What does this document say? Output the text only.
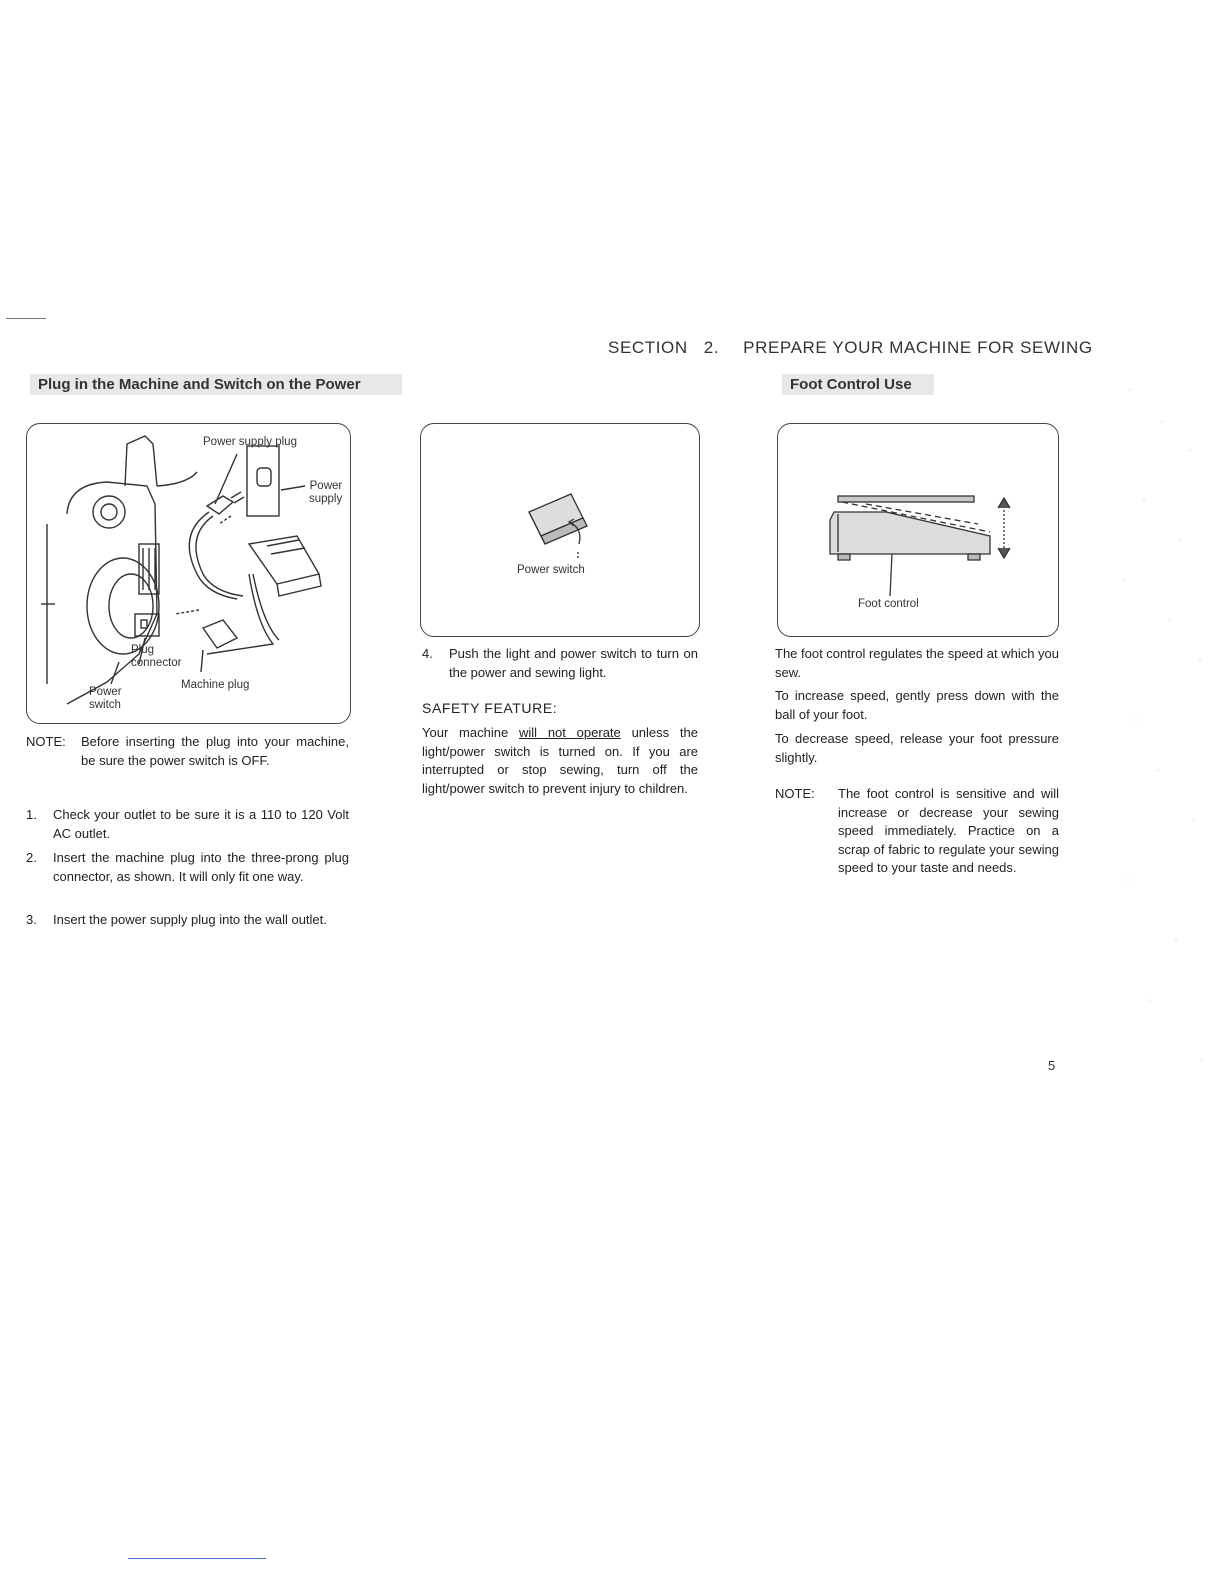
SECTION 2. PREPARE YOUR MACHINE FOR SEWING
Plug in the Machine and Switch on the Power
Power supply plug
Power
supply
Plug
connector
Machine plug
Power
switch
NOTE: Before inserting the plug into your machine, be sure the power switch is OFF.
1. Check your outlet to be sure it is a 110 to 120 Volt AC outlet.
2. Insert the machine plug into the three-prong plug connector, as shown. It will only fit one way.
3. Insert the power supply plug into the wall outlet.
Power switch
4. Push the light and power switch to turn on the power and sewing light.
SAFETY FEATURE:
Your machine will not operate unless the light/power switch is turned on. If you are interrupted or stop sewing, turn off the light/power switch to prevent injury to children.
Foot Control Use
Foot control
The foot control regulates the speed at which you sew.
To increase speed, gently press down with the ball of your foot.
To decrease speed, release your foot pressure slightly.
NOTE: The foot control is sensitive and will increase or decrease your sewing speed immediately. Practice on a scrap of fabric to regulate your sewing speed to your taste and needs.
5
